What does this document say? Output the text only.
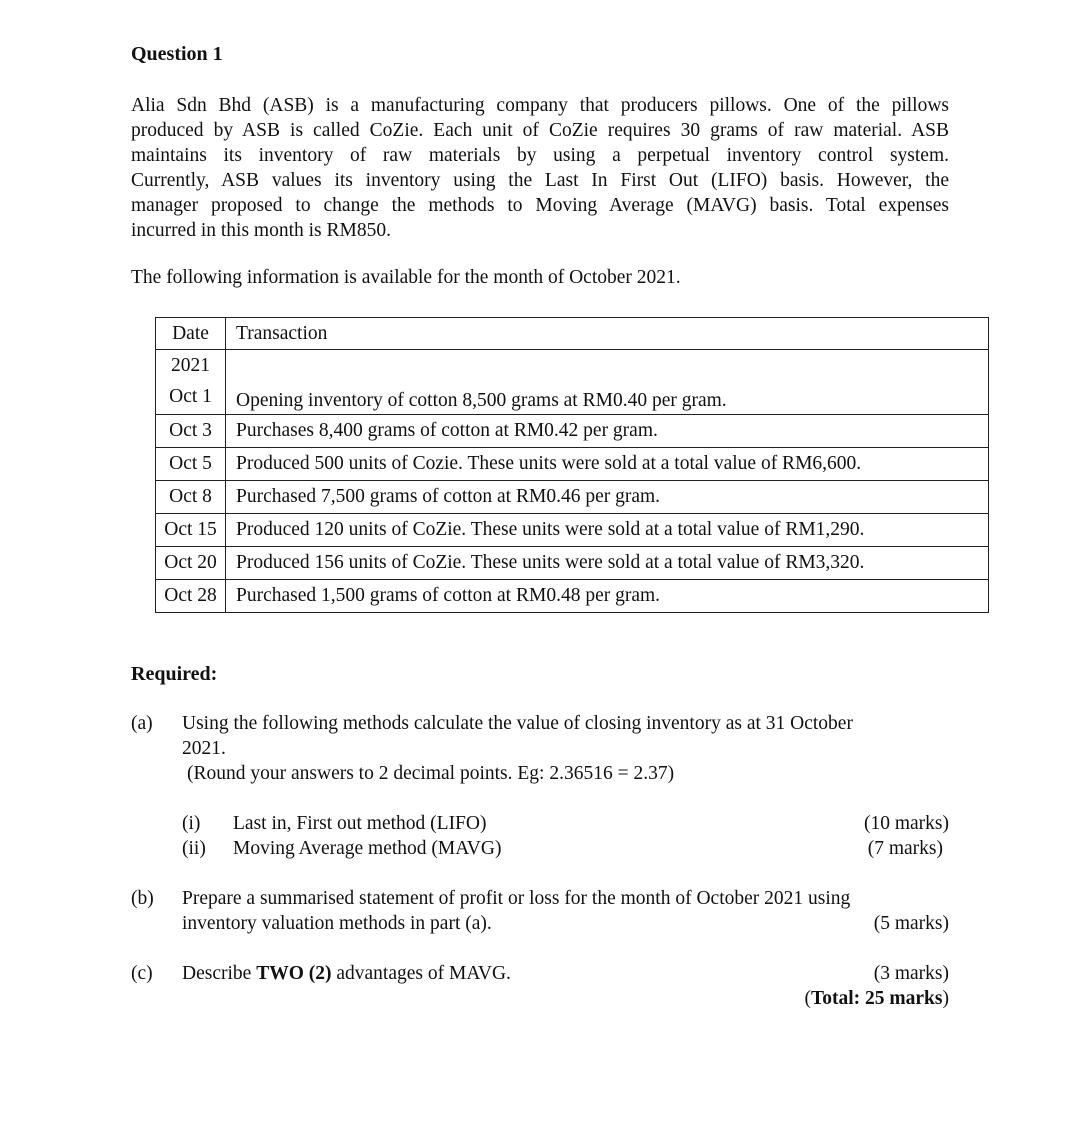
Question 1
Alia Sdn Bhd (ASB) is a manufacturing company that producers pillows. One of the pillows
produced by ASB is called CoZie. Each unit of CoZie requires 30 grams of raw material. ASB
maintains its inventory of raw materials by using a perpetual inventory control system.
Currently, ASB values its inventory using the Last In First Out (LIFO) basis. However, the
manager proposed to change the methods to Moving Average (MAVG) basis. Total expenses
incurred in this month is RM850.
The following information is available for the month of October 2021.
Date	Transaction

2021
Oct 1	Opening inventory of cotton 8,500 grams at RM0.40 per gram.
Oct 3	Purchases 8,400 grams of cotton at RM0.42 per gram.
Oct 5	Produced 500 units of Cozie. These units were sold at a total value of RM6,600.
Oct 8	Purchased 7,500 grams of cotton at RM0.46 per gram.
Oct 15	Produced 120 units of CoZie. These units were sold at a total value of RM1,290.
Oct 20	Produced 156 units of CoZie. These units were sold at a total value of RM3,320.
Oct 28	Purchased 1,500 grams of cotton at RM0.48 per gram.
Required:
(a) Using the following methods calculate the value of closing inventory as at 31 October
2021.
(Round your answers to 2 decimal points. Eg: 2.36516 = 2.37)
(i) Last in, First out method (LIFO)	(10 marks)
(ii) Moving Average method (MAVG)	(7 marks)
(b) Prepare a summarised statement of profit or loss for the month of October 2021 using
inventory valuation methods in part (a).	(5 marks)
(c) Describe TWO (2) advantages of MAVG.	(3 marks)
(Total: 25 marks)
